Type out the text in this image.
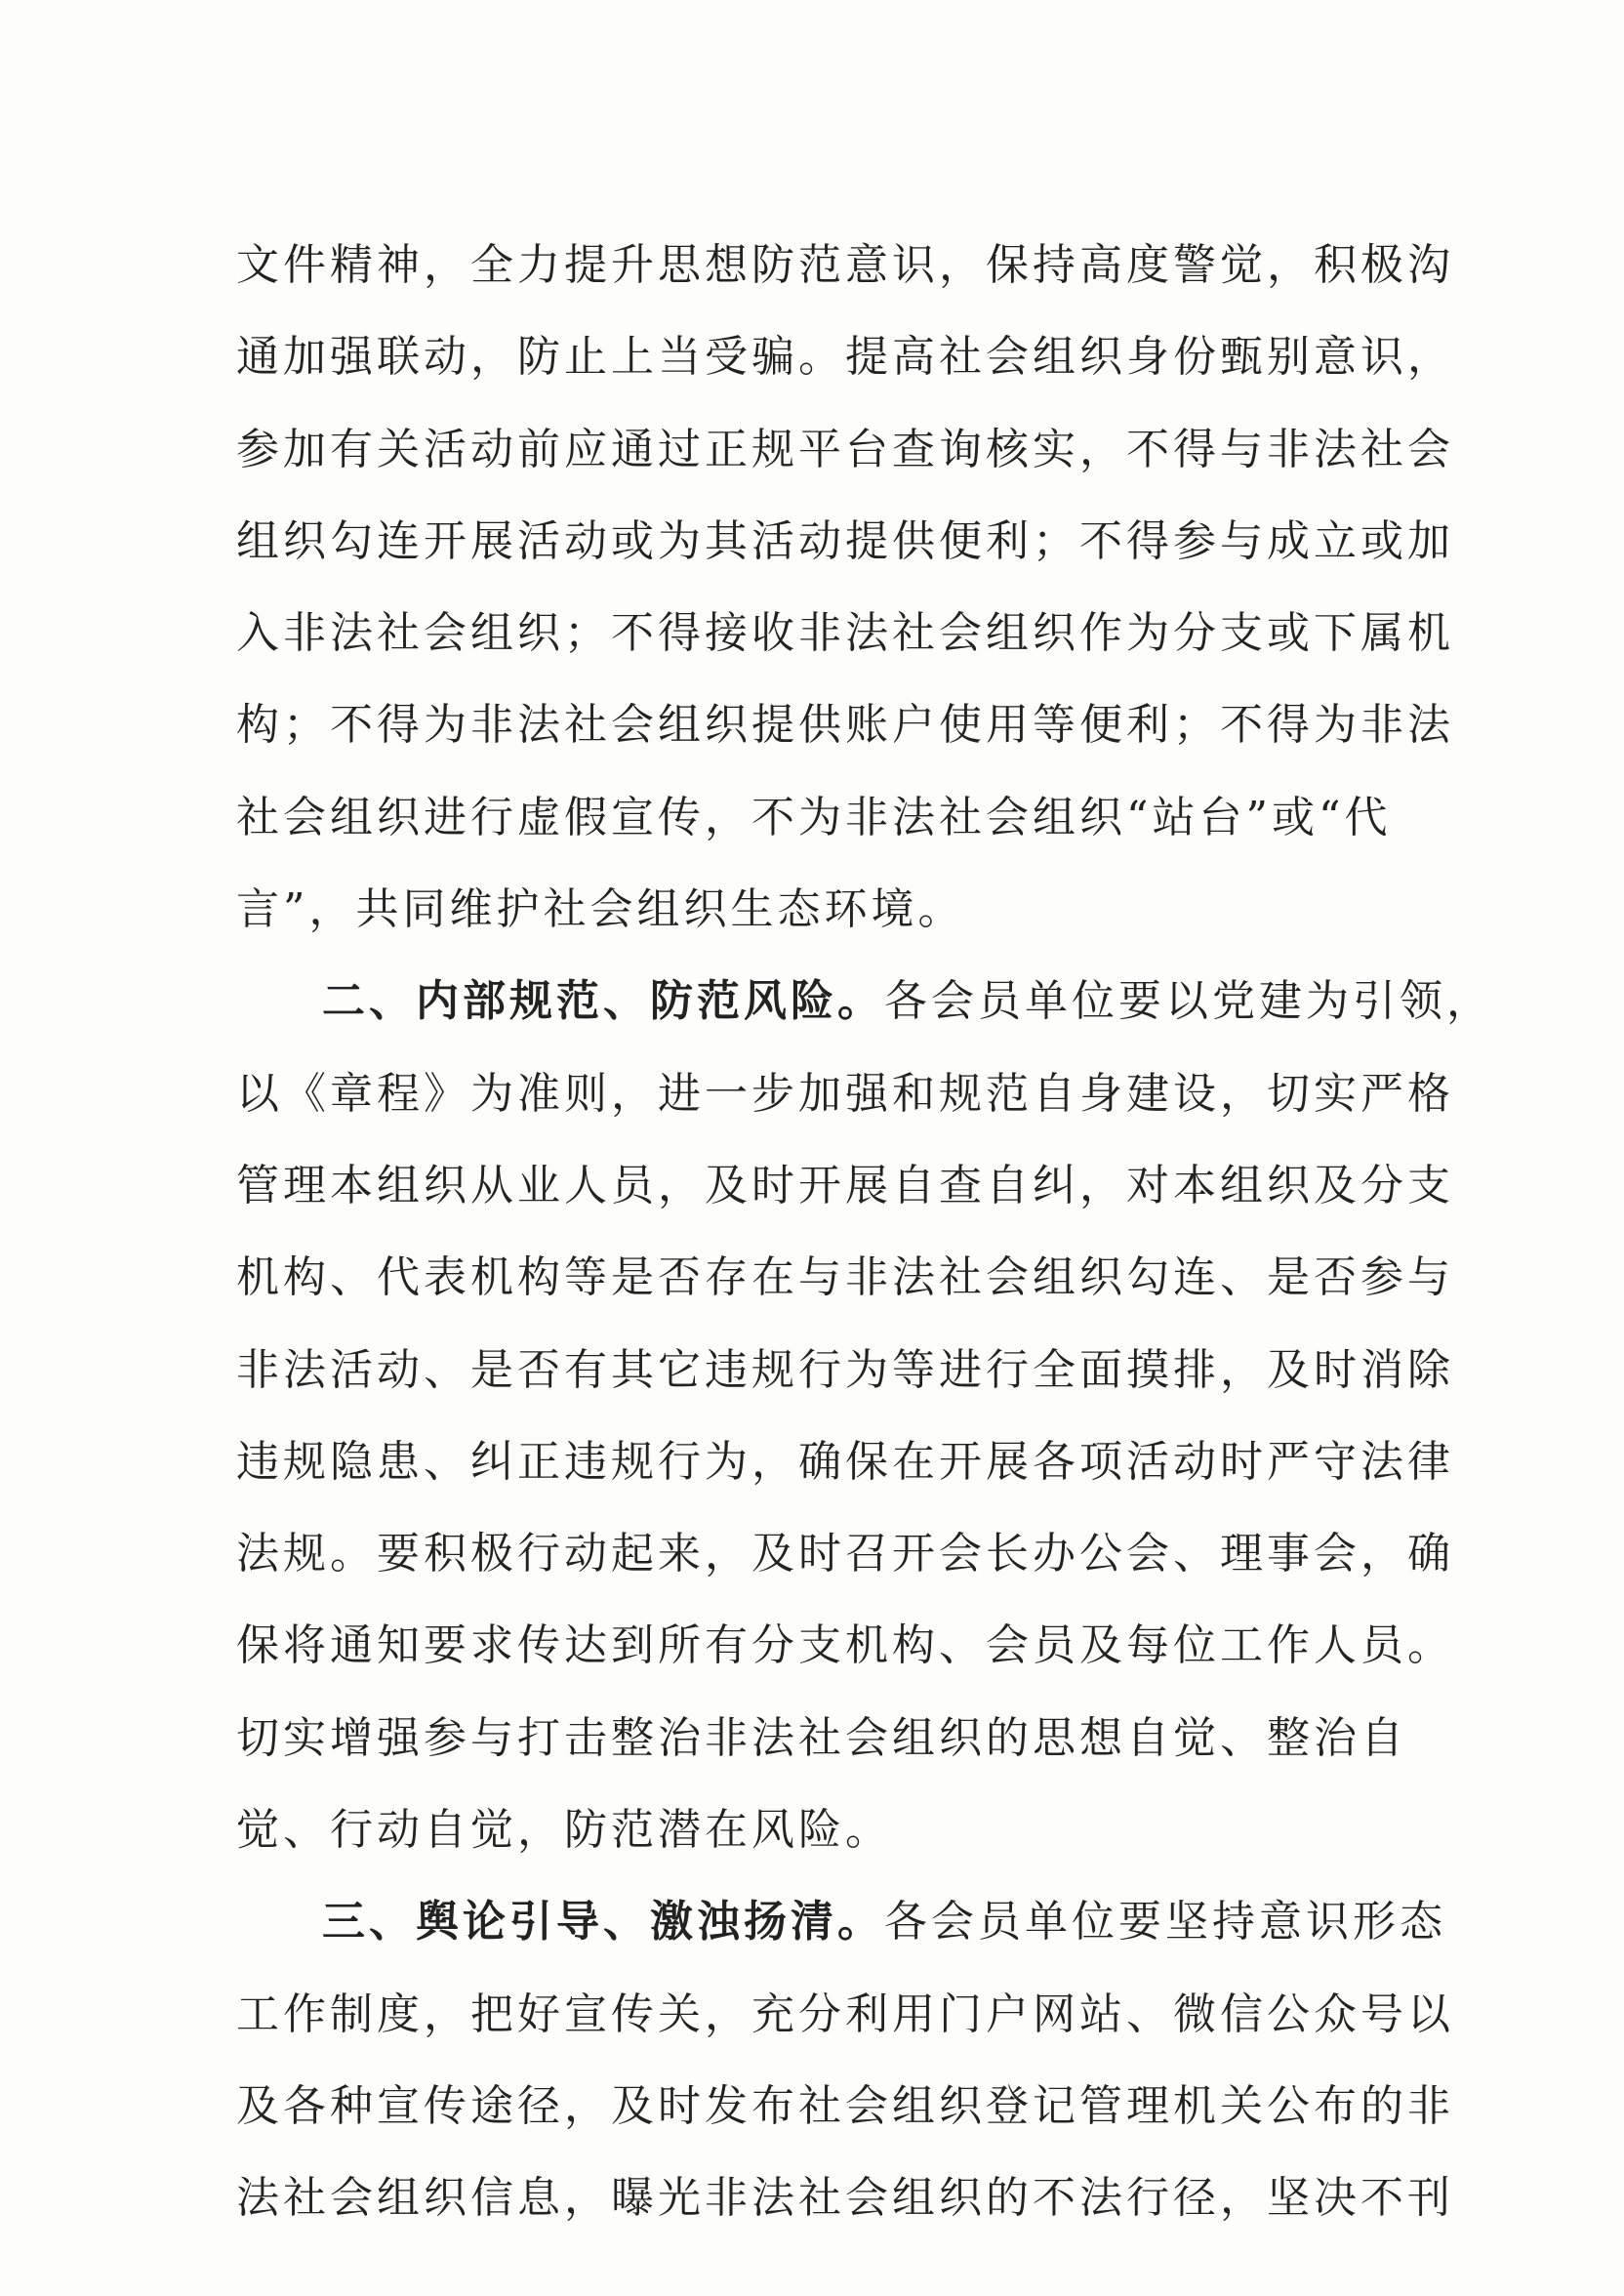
文件精神，全力提升思想防范意识，保持高度警觉，积极沟
通加强联动，防止上当受骗。提高社会组织身份甄别意识，
参加有关活动前应通过正规平台查询核实，不得与非法社会
组织勾连开展活动或为其活动提供便利；不得参与成立或加
入非法社会组织；不得接收非法社会组织作为分支或下属机
构；不得为非法社会组织提供账户使用等便利；不得为非法
社会组织进行虚假宣传，不为非法社会组织“站台”或“代
言”，共同维护社会组织生态环境。
二、内部规范、防范风险。各会员单位要以党建为引领，
以《章程》为准则，进一步加强和规范自身建设，切实严格
管理本组织从业人员，及时开展自查自纠，对本组织及分支
机构、代表机构等是否存在与非法社会组织勾连、是否参与
非法活动、是否有其它违规行为等进行全面摸排，及时消除
违规隐患、纠正违规行为，确保在开展各项活动时严守法律
法规。要积极行动起来，及时召开会长办公会、理事会，确
保将通知要求传达到所有分支机构、会员及每位工作人员。
切实增强参与打击整治非法社会组织的思想自觉、整治自
觉、行动自觉，防范潜在风险。
三、舆论引导、激浊扬清。各会员单位要坚持意识形态
工作制度，把好宣传关，充分利用门户网站、微信公众号以
及各种宣传途径，及时发布社会组织登记管理机关公布的非
法社会组织信息，曝光非法社会组织的不法行径，坚决不刊
